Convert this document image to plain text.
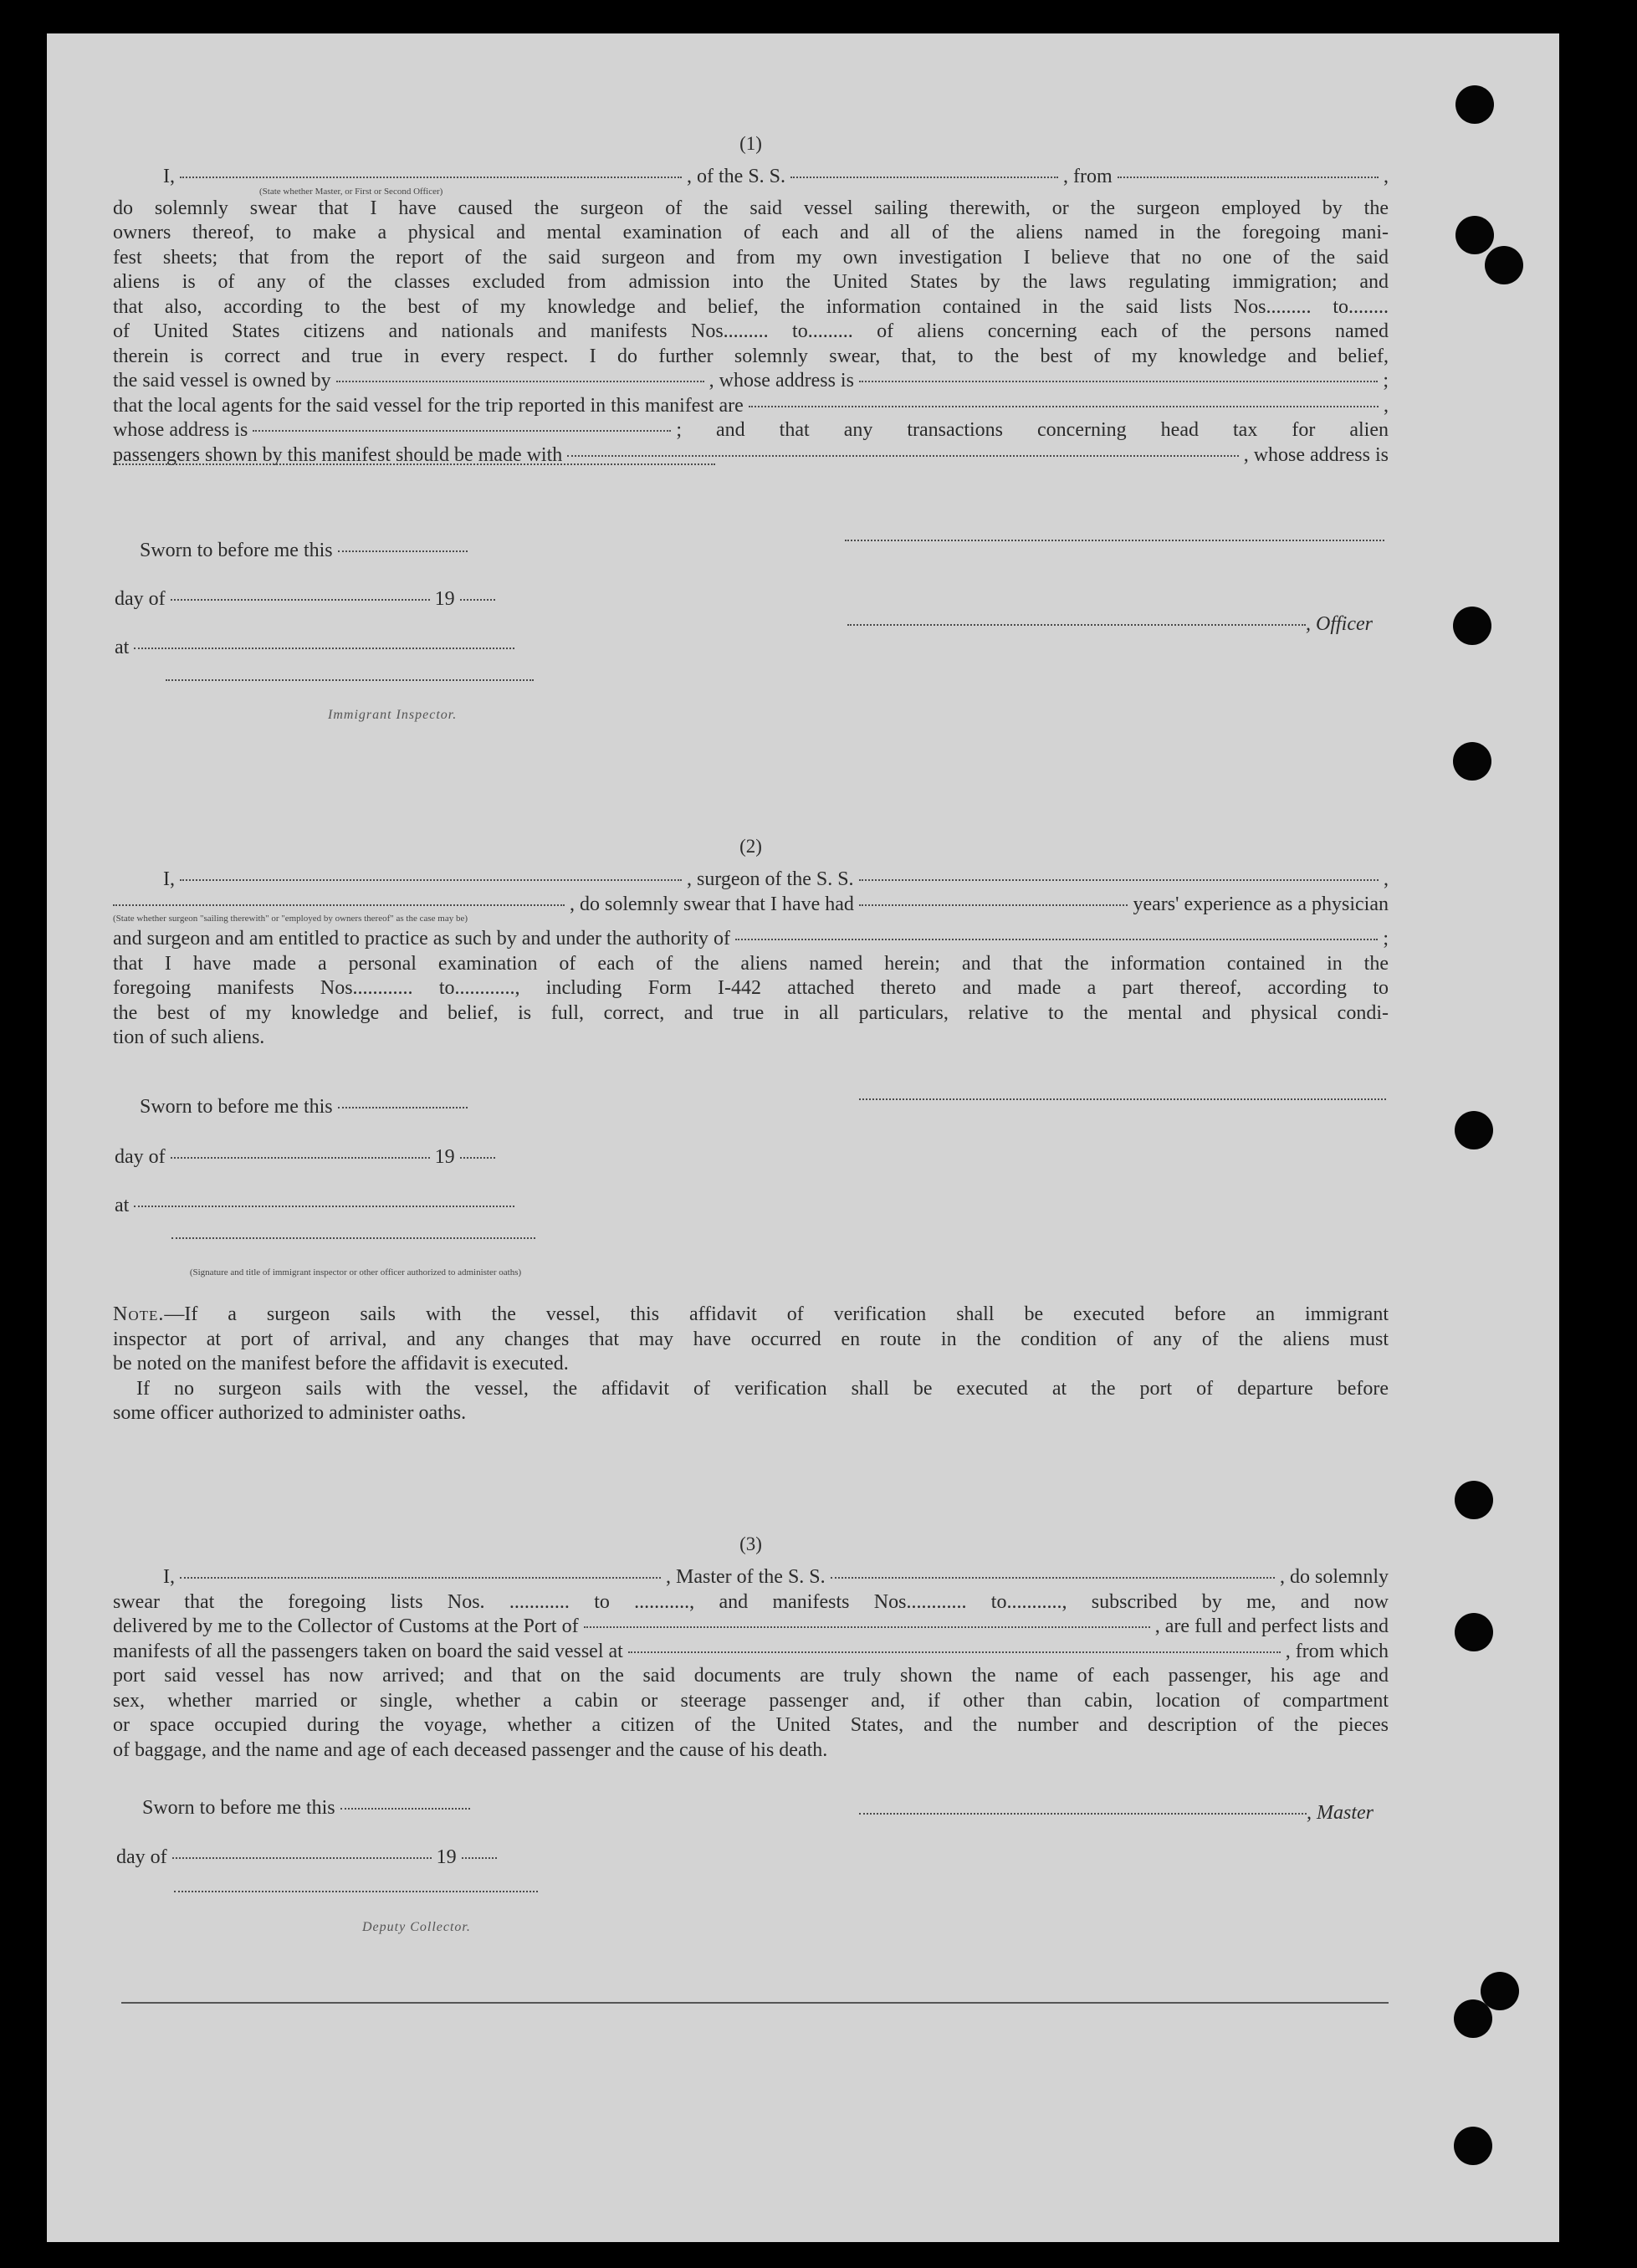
(1)
I,	, of the S. S.	, from	,
(State whether Master, or First or Second Officer)
do solemnly swear that I have caused the surgeon of the said vessel sailing therewith, or the surgeon employed by the
owners thereof, to make a physical and mental examination of each and all of the aliens named in the foregoing mani-
fest sheets; that from the report of the said surgeon and from my own investigation I believe that no one of the said
aliens is of any of the classes excluded from admission into the United States by the laws regulating immigration; and
that also, according to the best of my knowledge and belief, the information contained in the said lists Nos......... to........
of United States citizens and nationals and manifests Nos......... to......... of aliens concerning each of the persons named
therein is correct and true in every respect. I do further solemnly swear, that, to the best of my knowledge and belief,
the said vessel is owned by	, whose address is	;
that the local agents for the said vessel for the trip reported in this manifest are	,
whose address is	; and that any transactions concerning head tax for alien
passengers shown by this manifest should be made with	, whose address is
Sworn to before me this
day of	19
at
Immigrant Inspector.
, Officer
(2)
I,	, surgeon of the S. S.	,
, do solemnly swear that I have had	years' experience as a physician
(State whether surgeon "sailing therewith" or "employed by owners thereof" as the case may be)
and surgeon and am entitled to practice as such by and under the authority of	;
that I have made a personal examination of each of the aliens named herein; and that the information contained in the
foregoing manifests Nos............ to............, including Form I-442 attached thereto and made a part thereof, according to
the best of my knowledge and belief, is full, correct, and true in all particulars, relative to the mental and physical condi-
tion of such aliens.
Sworn to before me this
day of	19
at
(Signature and title of immigrant inspector or other officer authorized to administer oaths)
Note.—If a surgeon sails with the vessel, this affidavit of verification shall be executed before an immigrant
inspector at port of arrival, and any changes that may have occurred en route in the condition of any of the aliens must
be noted on the manifest before the affidavit is executed.
If no surgeon sails with the vessel, the affidavit of verification shall be executed at the port of departure before
some officer authorized to administer oaths.
(3)
I,	, Master of the S. S.	, do solemnly
swear that the foregoing lists Nos. ............ to ..........., and manifests Nos............ to..........., subscribed by me, and now
delivered by me to the Collector of Customs at the Port of	, are full and perfect lists and
manifests of all the passengers taken on board the said vessel at	, from which
port said vessel has now arrived; and that on the said documents are truly shown the name of each passenger, his age and
sex, whether married or single, whether a cabin or steerage passenger and, if other than cabin, location of compartment
or space occupied during the voyage, whether a citizen of the United States, and the number and description of the pieces
of baggage, and the name and age of each deceased passenger and the cause of his death.
Sworn to before me this	, Master
day of	19
Deputy Collector.
